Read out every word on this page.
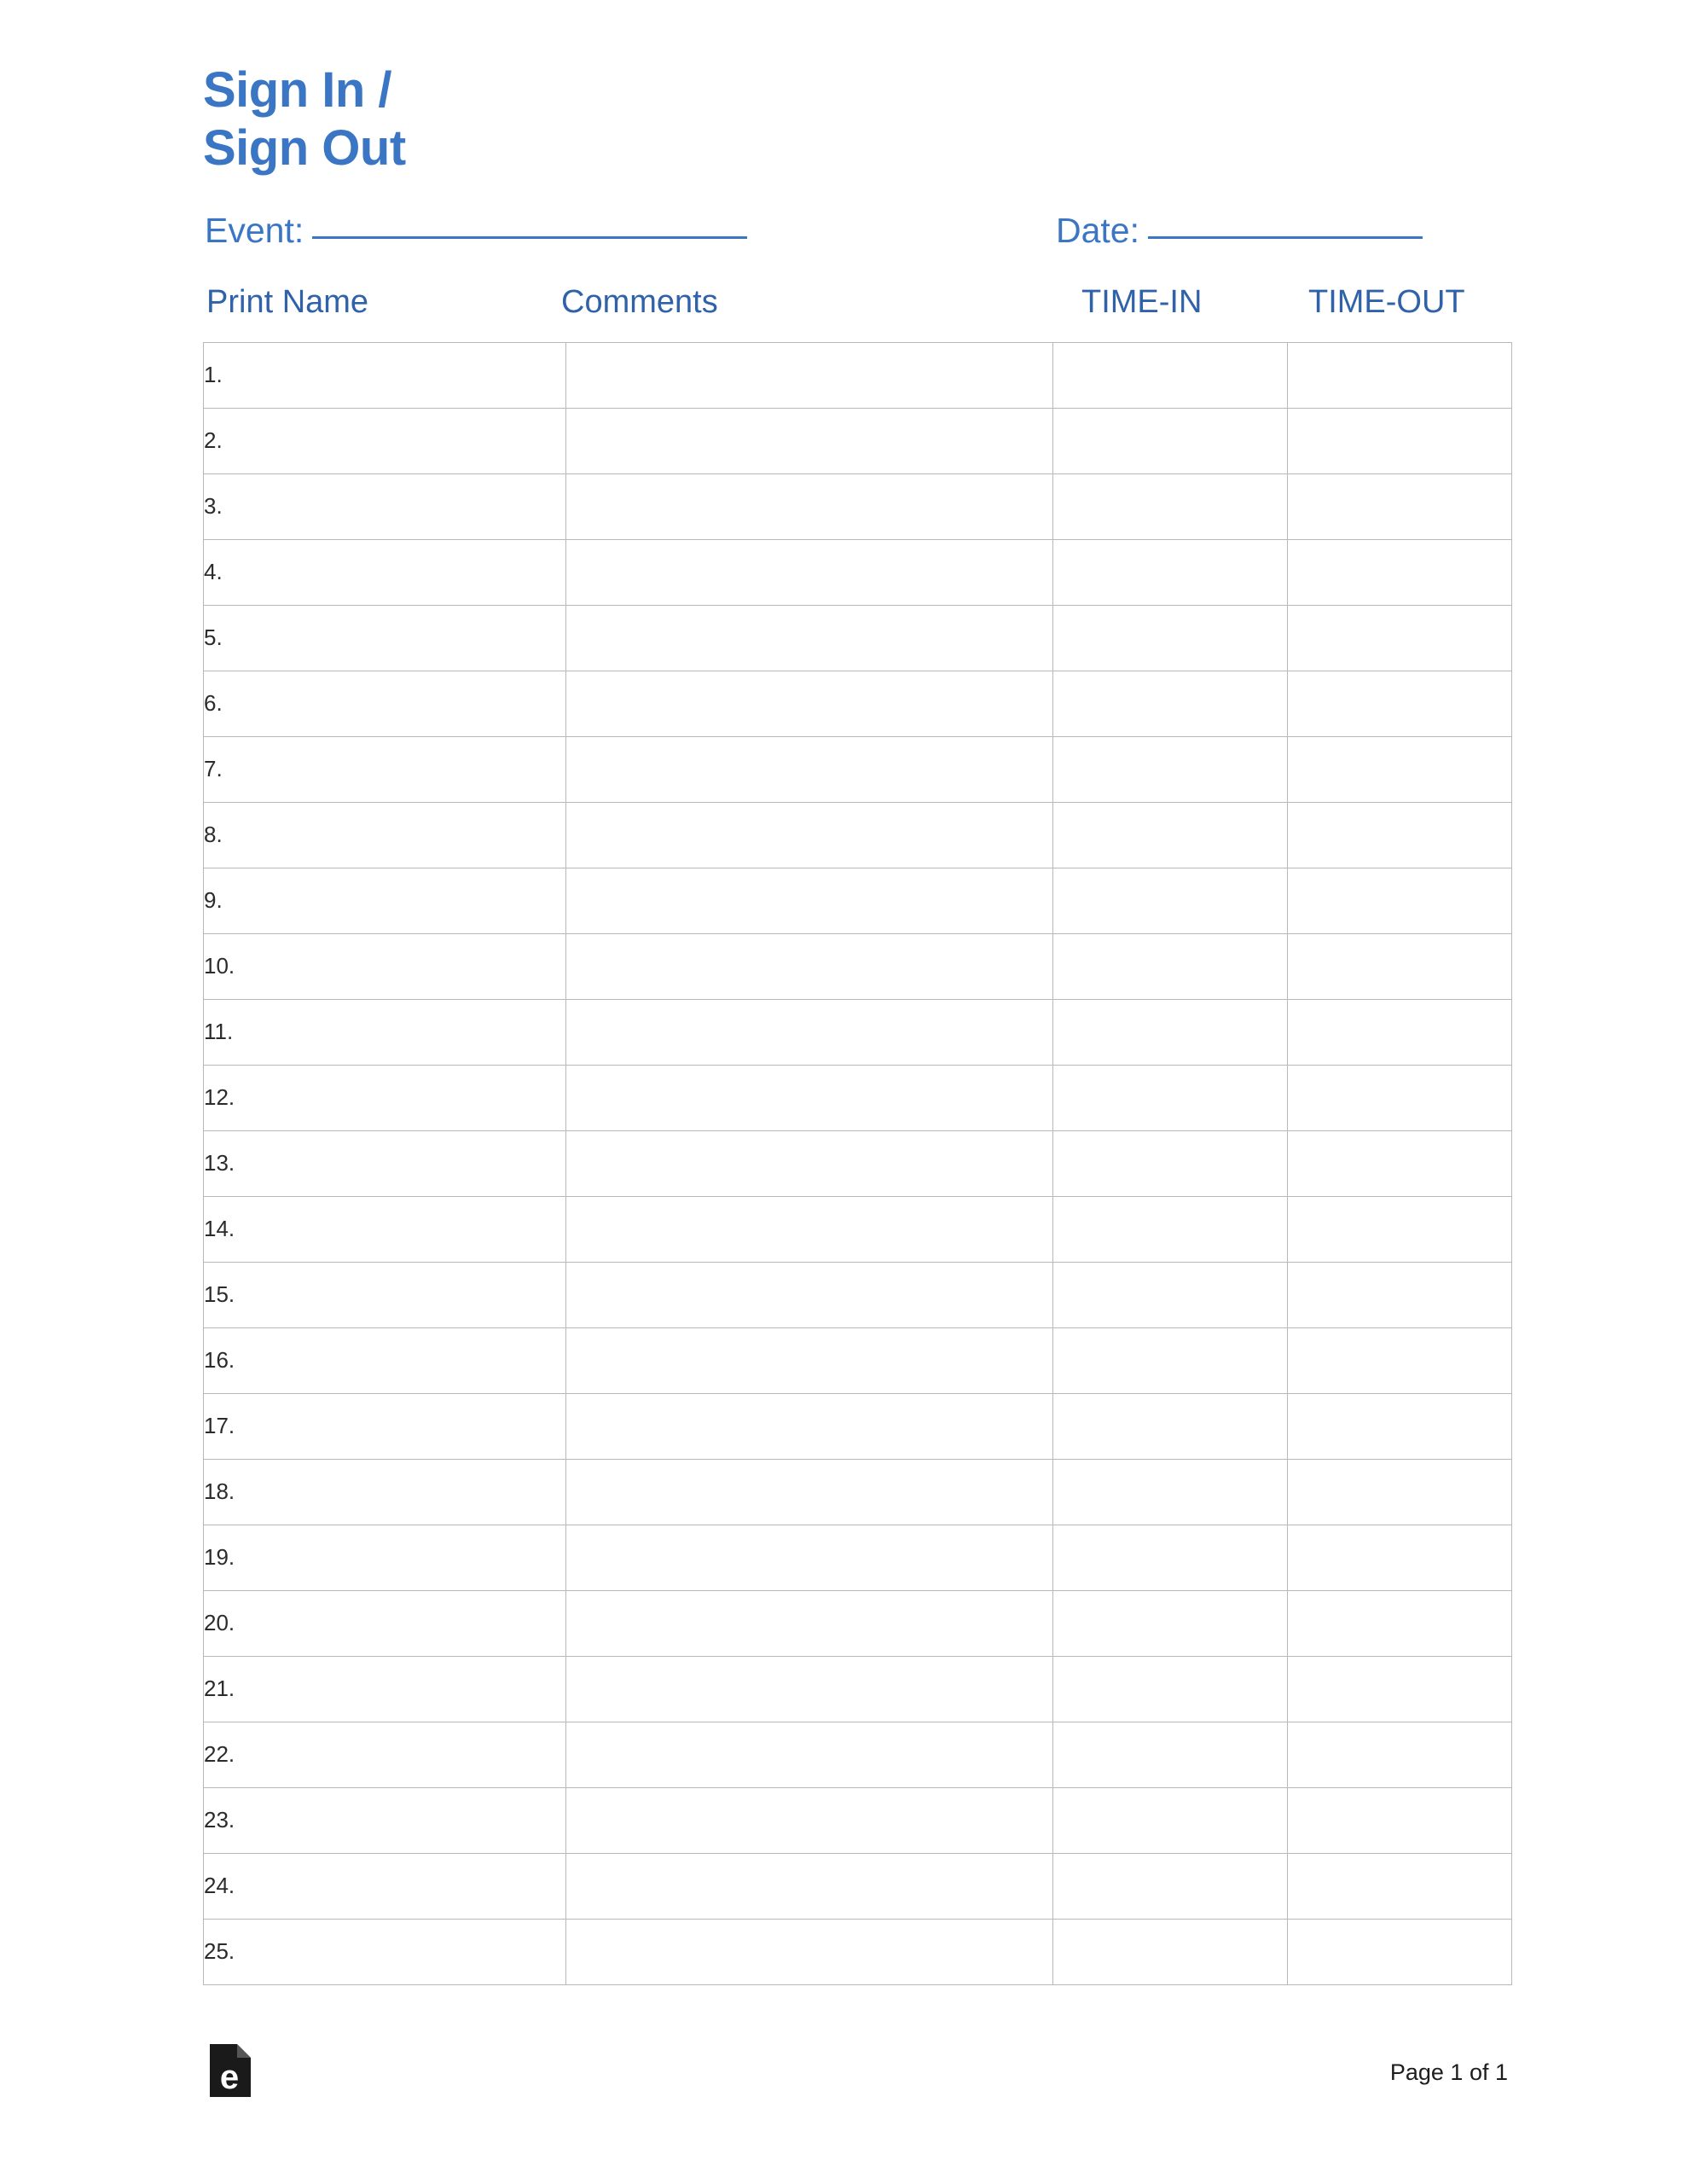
Sign In /
Sign Out
Event:	Date:
Print Name	Comments	TIME-IN	TIME-OUT
1.			
2.			
3.			
4.			
5.			
6.			
7.			
8.			
9.			
10.			
11.			
12.			
13.			
14.			
15.			
16.			
17.			
18.			
19.			
20.			
21.			
22.			
23.			
24.			
25.			
e	Page 1 of 1
